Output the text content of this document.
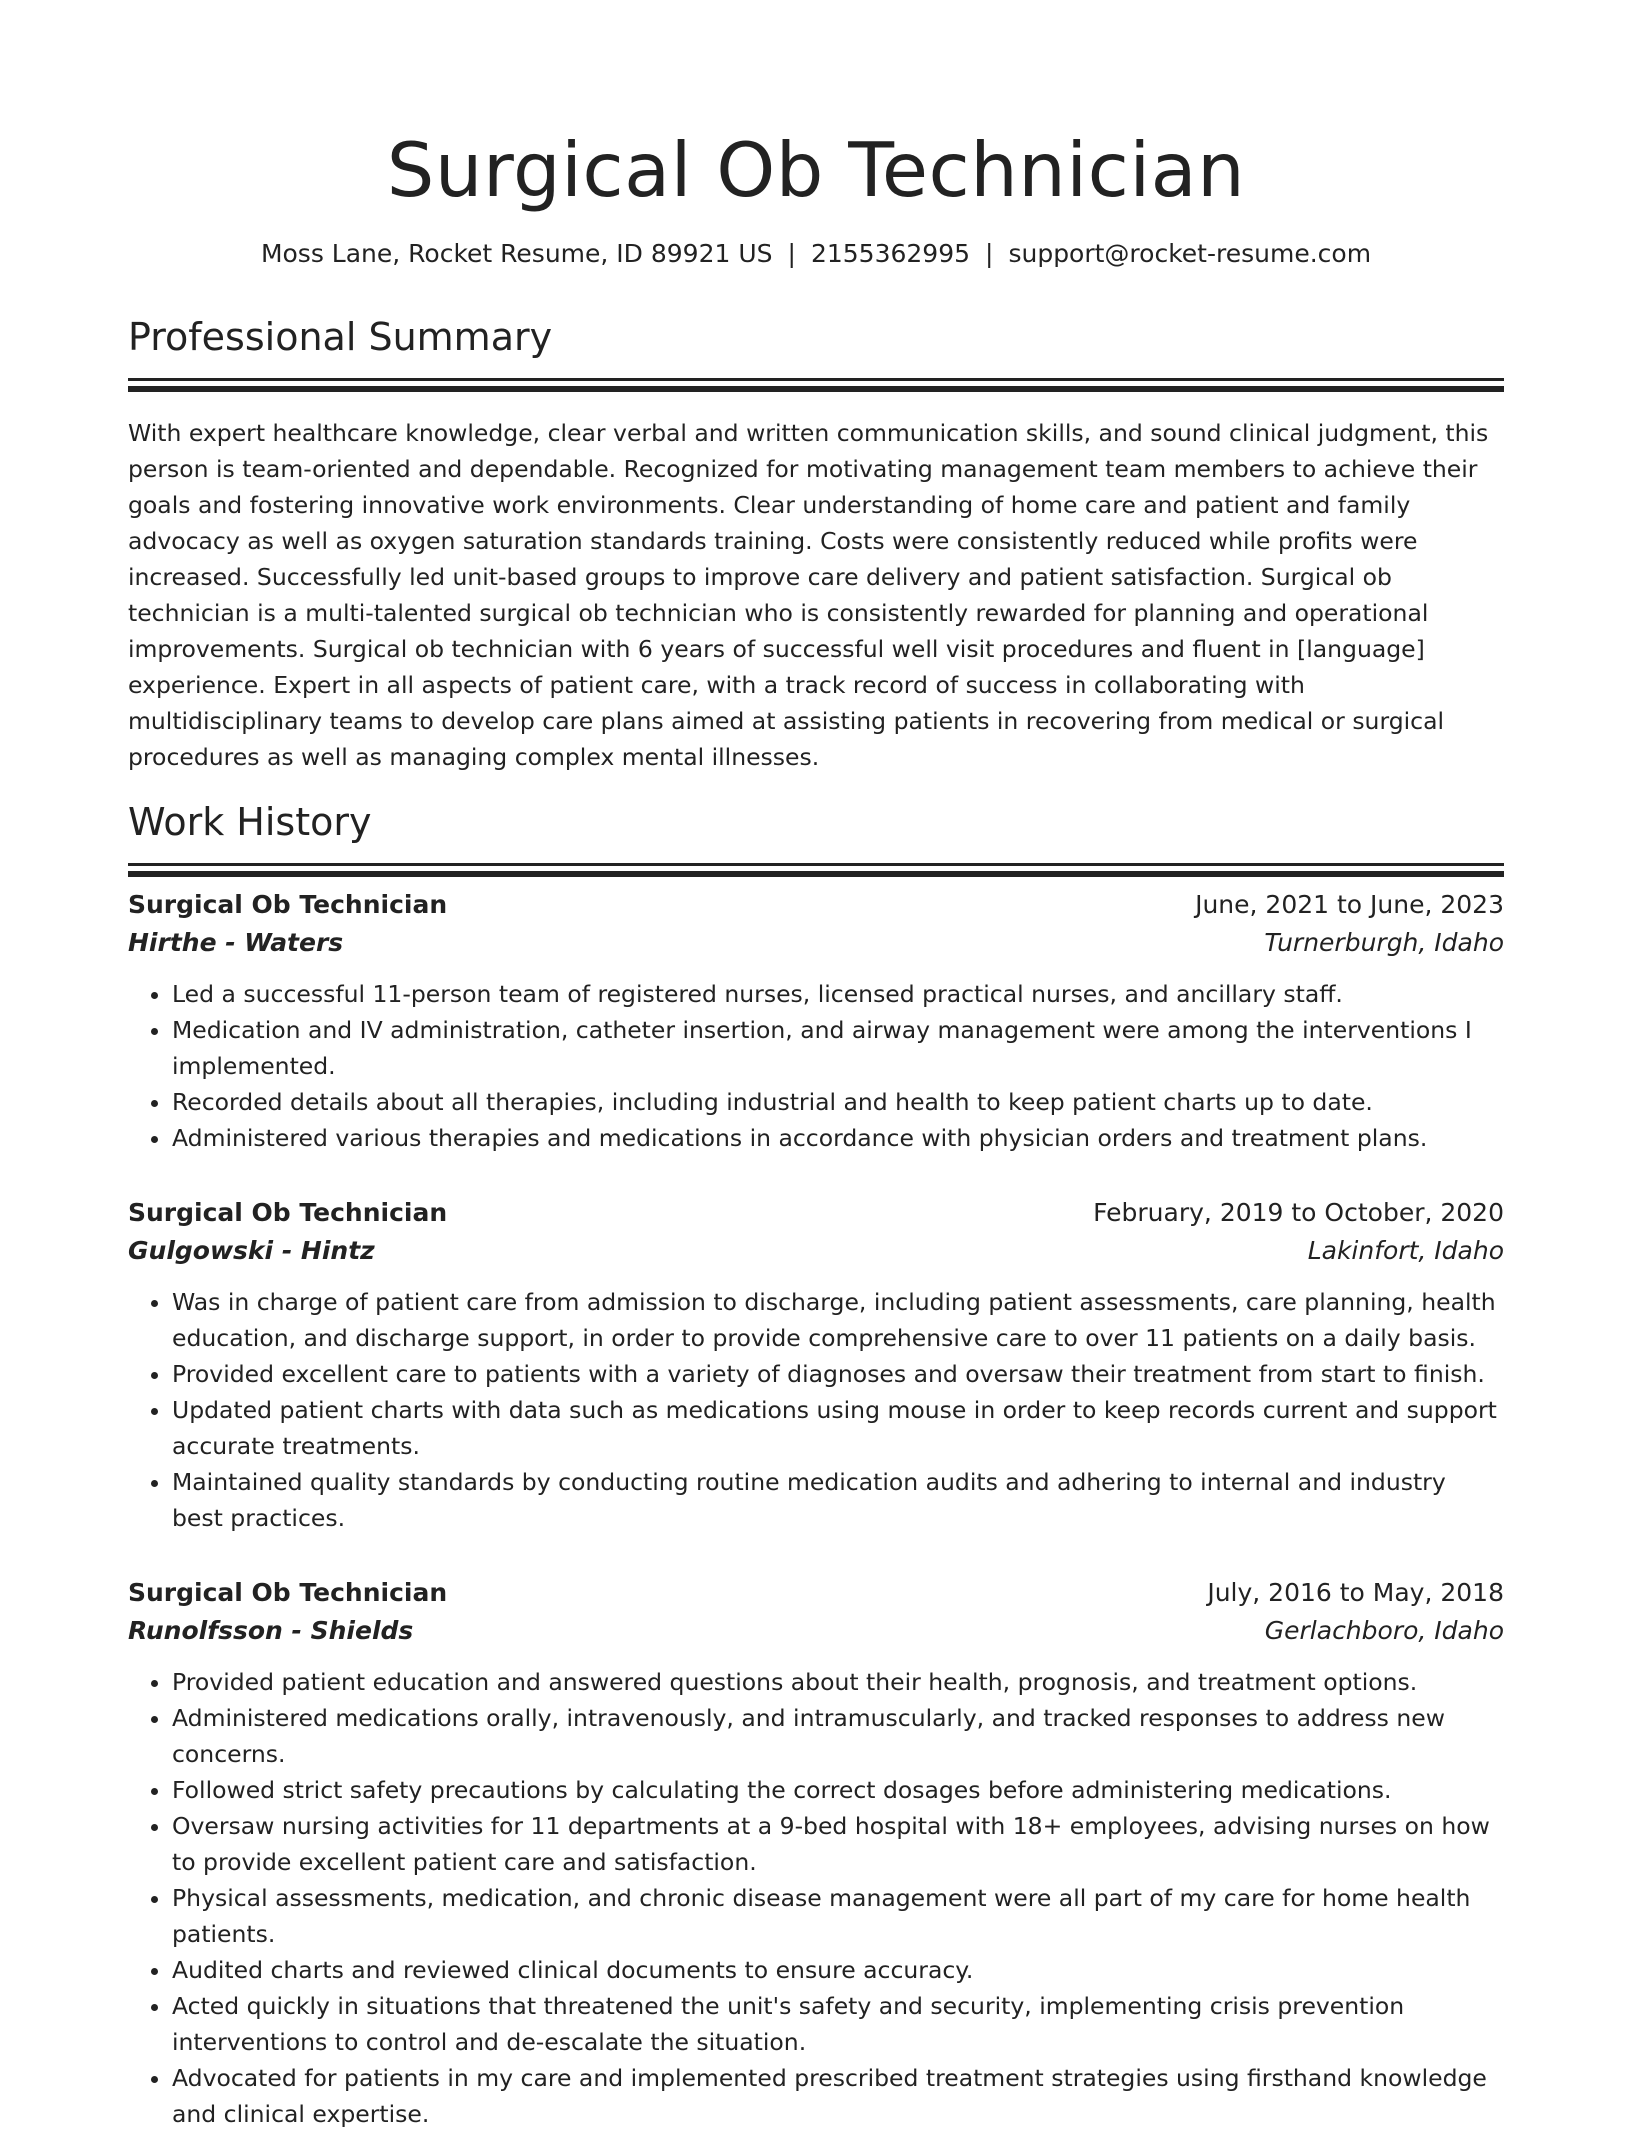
Surgical Ob Technician
Moss Lane, Rocket Resume, ID 89921 US | 2155362995 | support@rocket-resume.com
Professional Summary

With expert healthcare knowledge, clear verbal and written communication skills, and sound clinical judgment, this person is team-oriented and dependable. Recognized for motivating management team members to achieve their goals and fostering innovative work environments. Clear understanding of home care and patient and family advocacy as well as oxygen saturation standards training. Costs were consistently reduced while profits were increased. Successfully led unit-based groups to improve care delivery and patient satisfaction. Surgical ob technician is a multi-talented surgical ob technician who is consistently rewarded for planning and operational improvements. Surgical ob technician with 6 years of successful well visit procedures and fluent in [language] experience. Expert in all aspects of patient care, with a track record of success in collaborating with multidisciplinary teams to develop care plans aimed at assisting patients in recovering from medical or surgical procedures as well as managing complex mental illnesses.

Work History
Surgical Ob Technician	June, 2021 to June, 2023
Hirthe - Waters	Turnerburgh, Idaho
• Led a successful 11-person team of registered nurses, licensed practical nurses, and ancillary staff.
• Medication and IV administration, catheter insertion, and airway management were among the interventions I implemented.
• Recorded details about all therapies, including industrial and health to keep patient charts up to date.
• Administered various therapies and medications in accordance with physician orders and treatment plans.
Surgical Ob Technician	February, 2019 to October, 2020
Gulgowski - Hintz	Lakinfort, Idaho
• Was in charge of patient care from admission to discharge, including patient assessments, care planning, health education, and discharge support, in order to provide comprehensive care to over 11 patients on a daily basis.
• Provided excellent care to patients with a variety of diagnoses and oversaw their treatment from start to finish.
• Updated patient charts with data such as medications using mouse in order to keep records current and support accurate treatments.
• Maintained quality standards by conducting routine medication audits and adhering to internal and industry best practices.
Surgical Ob Technician	July, 2016 to May, 2018
Runolfsson - Shields	Gerlachboro, Idaho
• Provided patient education and answered questions about their health, prognosis, and treatment options.
• Administered medications orally, intravenously, and intramuscularly, and tracked responses to address new concerns.
• Followed strict safety precautions by calculating the correct dosages before administering medications.
• Oversaw nursing activities for 11 departments at a 9-bed hospital with 18+ employees, advising nurses on how to provide excellent patient care and satisfaction.
• Physical assessments, medication, and chronic disease management were all part of my care for home health patients.
• Audited charts and reviewed clinical documents to ensure accuracy.
• Acted quickly in situations that threatened the unit's safety and security, implementing crisis prevention interventions to control and de-escalate the situation.
• Advocated for patients in my care and implemented prescribed treatment strategies using firsthand knowledge and clinical expertise.
